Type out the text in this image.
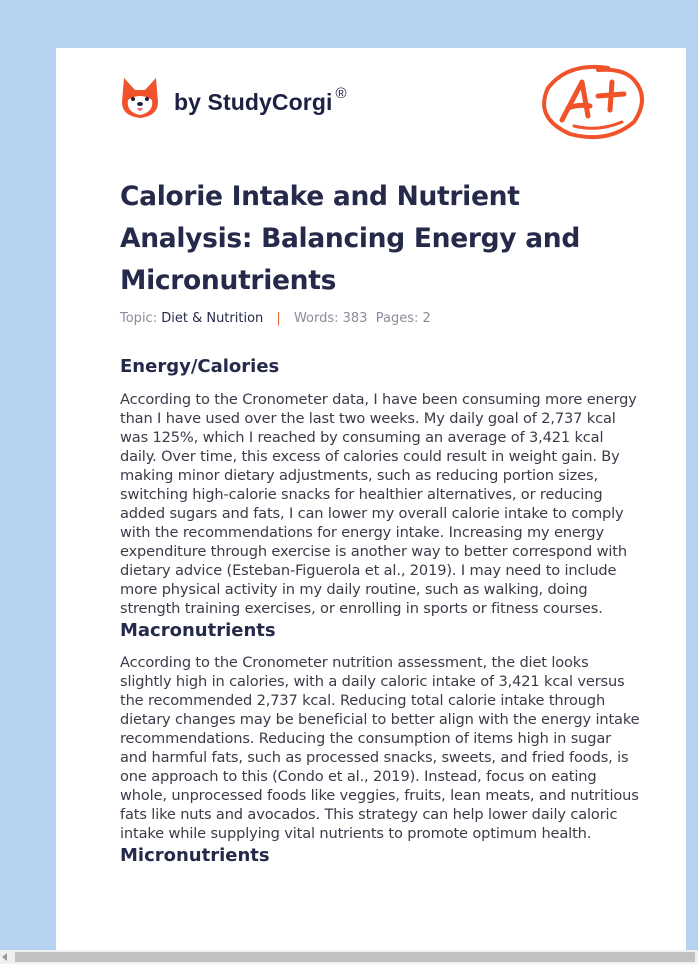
by StudyCorgi ®
Calorie Intake and Nutrient Analysis: Balancing Energy and Micronutrients
Topic: Diet & Nutrition | Words: 383 Pages: 2
Energy/Calories

According to the Cronometer data, I have been consuming more energy than I have used over the last two weeks. My daily goal of 2,737 kcal was 125%, which I reached by consuming an average of 3,421 kcal daily. Over time, this excess of calories could result in weight gain. By making minor dietary adjustments, such as reducing portion sizes, switching high-calorie snacks for healthier alternatives, or reducing added sugars and fats, I can lower my overall calorie intake to comply with the recommendations for energy intake. Increasing my energy expenditure through exercise is another way to better correspond with dietary advice (Esteban-Figuerola et al., 2019). I may need to include more physical activity in my daily routine, such as walking, doing strength training exercises, or enrolling in sports or fitness courses.

Macronutrients

According to the Cronometer nutrition assessment, the diet looks slightly high in calories, with a daily caloric intake of 3,421 kcal versus the recommended 2,737 kcal. Reducing total calorie intake through dietary changes may be beneficial to better align with the energy intake recommendations. Reducing the consumption of items high in sugar and harmful fats, such as processed snacks, sweets, and fried foods, is one approach to this (Condo et al., 2019). Instead, focus on eating whole, unprocessed foods like veggies, fruits, lean meats, and nutritious fats like nuts and avocados. This strategy can help lower daily caloric intake while supplying vital nutrients to promote optimum health.

Micronutrients
